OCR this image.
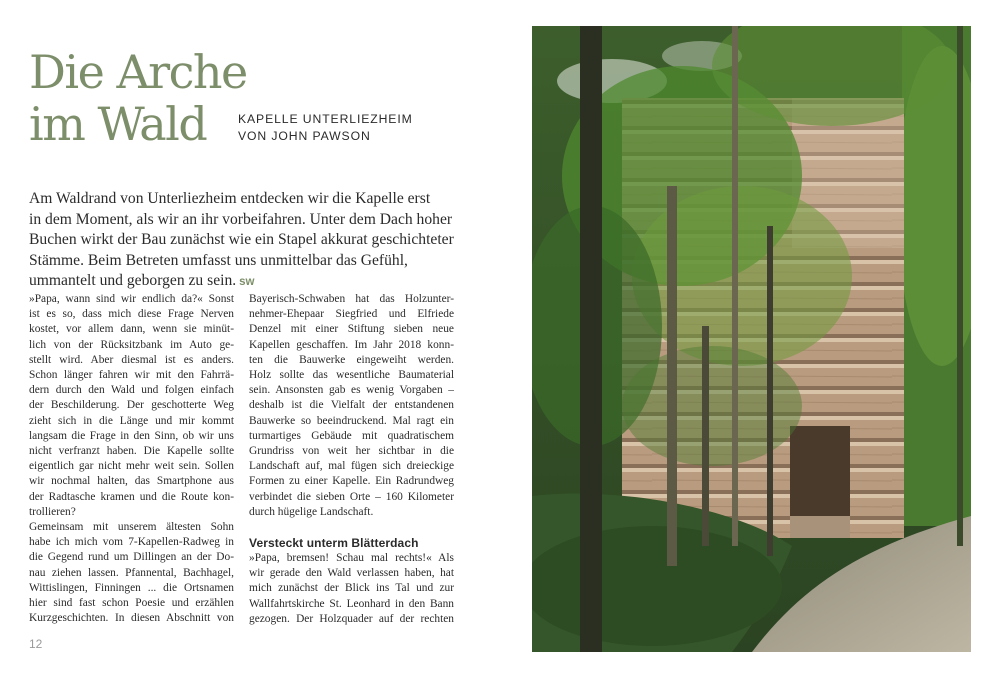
Die Arche
im Wald	KAPELLE UNTERLIEZHEIM
VON JOHN PAWSON
Am Waldrand von Unterliezheim entdecken wir die Kapelle erst
in dem Moment, als wir an ihr vorbeifahren. Unter dem Dach hoher
Buchen wirkt der Bau zunächst wie ein Stapel akkurat geschichteter
Stämme. Beim Betreten umfasst uns unmittelbar das Gefühl,
ummantelt und geborgen zu sein. sw
»Papa, wann sind wir endlich da?« Sonst
ist es so, dass mich diese Frage Nerven
kostet, vor allem dann, wenn sie minüt-
lich von der Rücksitzbank im Auto ge-
stellt wird. Aber diesmal ist es anders.
Schon länger fahren wir mit den Fahrrä-
dern durch den Wald und folgen einfach
der Beschilderung. Der geschotterte Weg
zieht sich in die Länge und mir kommt
langsam die Frage in den Sinn, ob wir uns
nicht verfranzt haben. Die Kapelle sollte
eigentlich gar nicht mehr weit sein. Sollen
wir nochmal halten, das Smartphone aus
der Radtasche kramen und die Route kon-
trollieren?
Gemeinsam mit unserem ältesten Sohn
habe ich mich vom 7-Kapellen-Radweg in
die Gegend rund um Dillingen an der Do-
nau ziehen lassen. Pfannental, Bachhagel,
Wittislingen, Finningen ... die Ortsnamen
hier sind fast schon Poesie und erzählen
Kurzgeschichten. In diesen Abschnitt von
Bayerisch-Schwaben hat das Holzunter-
nehmer-Ehepaar Siegfried und Elfriede
Denzel mit einer Stiftung sieben neue
Kapellen geschaffen. Im Jahr 2018 konn-
ten die Bauwerke eingeweiht werden.
Holz sollte das wesentliche Baumaterial
sein. Ansonsten gab es wenig Vorgaben –
deshalb ist die Vielfalt der entstandenen
Bauwerke so beeindruckend. Mal ragt ein
turmartiges Gebäude mit quadratischem
Grundriss von weit her sichtbar in die
Landschaft auf, mal fügen sich dreieckige
Formen zu einer Kapelle. Ein Radrundweg
verbindet die sieben Orte – 160 Kilometer
durch hügelige Landschaft.
Versteckt unterm Blätterdach
»Papa, bremsen! Schau mal rechts!« Als
wir gerade den Wald verlassen haben, hat
mich zunächst der Blick ins Tal und zur
Wallfahrtskirche St. Leonhard in den Bann
gezogen. Der Holzquader auf der rechten
12
